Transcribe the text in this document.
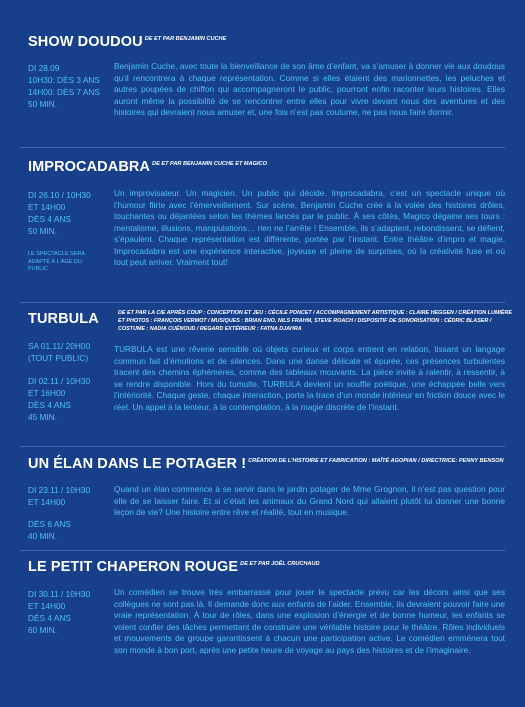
SHOW DOUDOU $^{DE ET PAR BENJAMIN CUCHE}$
DI 28.09
10H30: DÈS 3 ANS
14H00: DÈS 7 ANS
50 MIN.
Benjamin Cuche, avec toute la bienveillance de son âme d’enfant, va s’amuser à donner vie aux doudous qu’il rencontrera à chaque représentation. Comme si elles étaient des marionnettes, les peluches et autres poupées de chiffon qui accompagneront le public, pourront enfin raconter leurs histoires. Elles auront même la possibilité de se rencontrer entre elles pour vivre devant nous des aventures et des histoires qui devraient nous amuser et, une fois n’est pas coutume, ne pas nous faire dormir.
IMPROCADABRA $^{DE ET PAR BENJAMIN CUCHE ET MAGICO}$
DI 26.10 / 10H30
ET 14H00
DÈS 4 ANS
50 MIN.
LE SPECTACLE SERA ADAPTÉ À L’ÂGE DU PUBLIC
Un improvisateur. Un magicien. Un public qui décide. Improcadabra, c’est un spectacle unique où l’humour flirte avec l’émerveillement. Sur scène, Benjamin Cuche crée à la volée des histoires drôles, touchantes ou déjantées selon les thèmes lancés par le public. À ses côtés, Magico dégaine ses tours : mentalisme, illusions, manipulations… rien ne l’arrête ! Ensemble, ils s’adaptent, rebondissent, se défient, s’épaulent. Chaque représentation est différente, portée par l’instant. Entre théâtre d’impro et magie, Improcadabra est une expérience interactive, joyeuse et pleine de surprises, où la créativité fuse et où tout peut arriver. Vraiment tout!
TURBULA	DE ET PAR LA CIE APRÈS COUP : CONCEPTION ET JEU : CÉCILE PONCET / ACCOMPAGNEMENT ARTISTIQUE : CLAIRE HEGGEN / CRÉATION LUMIÈRE ET PHOTOS : FRANÇOIS VERMOT / MUSIQUES : BRIAN ENO, NILS FRAHM, STEVE ROACH / DISPOSITIF DE SONORISATION : CÉDRIC BLASER / COSTUME : NADIA CUÉNOUD / REGARD EXTÉRIEUR : FATNA DJAHRA
SA 01.11/ 20H00
(TOUT PUBLIC)
DI 02.11 / 10H30
ET 16H00
DÈS 4 ANS
45 MIN.
TURBULA est une rêverie sensible où objets curieux et corps entrent en relation, tissant un langage commun fait d’émotions et de silences. Dans une danse délicate et épurée, ces présences turbulentes tracent des chemins éphémères, comme des tableaux mouvants. La pièce invite à ralentir, à ressentir, à se rendre disponible. Hors du tumulte, TURBULA devient un souffle poétique, une échappée belle vers l’intériorité. Chaque geste, chaque interaction, porte la trace d’un monde intérieur en friction douce avec le réel. Un appel à la lenteur, à la contemplation, à la magie discrète de l’instant.
UN ÉLAN DANS LE POTAGER ! $^{CRÉATION DE L’HISTOIRE ET FABRICATION : MAÏTÉ AGOPIAN / DIRECTRICE: PENNY BENSON}$
DI 23.11 / 10H30
ET 14H00
DÈS 6 ANS
40 MIN.
Quand un élan commence à se servir dans le jardin potager de Mme Grognon, il n’est pas question pour elle de se laisser faire. Et si c’était les animaux du Grand Nord qui allaient plutôt lui donner une bonne leçon de vie? Une histoire entre rêve et réalité, tout en musique.
LE PETIT CHAPERON ROUGE $^{DE ET PAR JOËL CRUCHAUD}$
DI 30.11 / 10H30
ET 14H00
DÈS 4 ANS
60 MIN.
Un comédien se trouve très embarrassé pour jouer le spectacle prévu car les décors ainsi que ses collègues ne sont pas là. Il demande donc aux enfants de l’aider. Ensemble, ils devraient pouvoir faire une vraie représentation. À tour de rôles, dans une explosion d’énergie et de bonne humeur, les enfants se voient confier des tâches permettant de construire une véritable histoire pour le théâtre. Rôles individuels et mouvements de groupe garantissent à chacun une participation active. Le comédien emmènera tout son monde à bon port, après une petite heure de voyage au pays des histoires et de l’imaginaire.
